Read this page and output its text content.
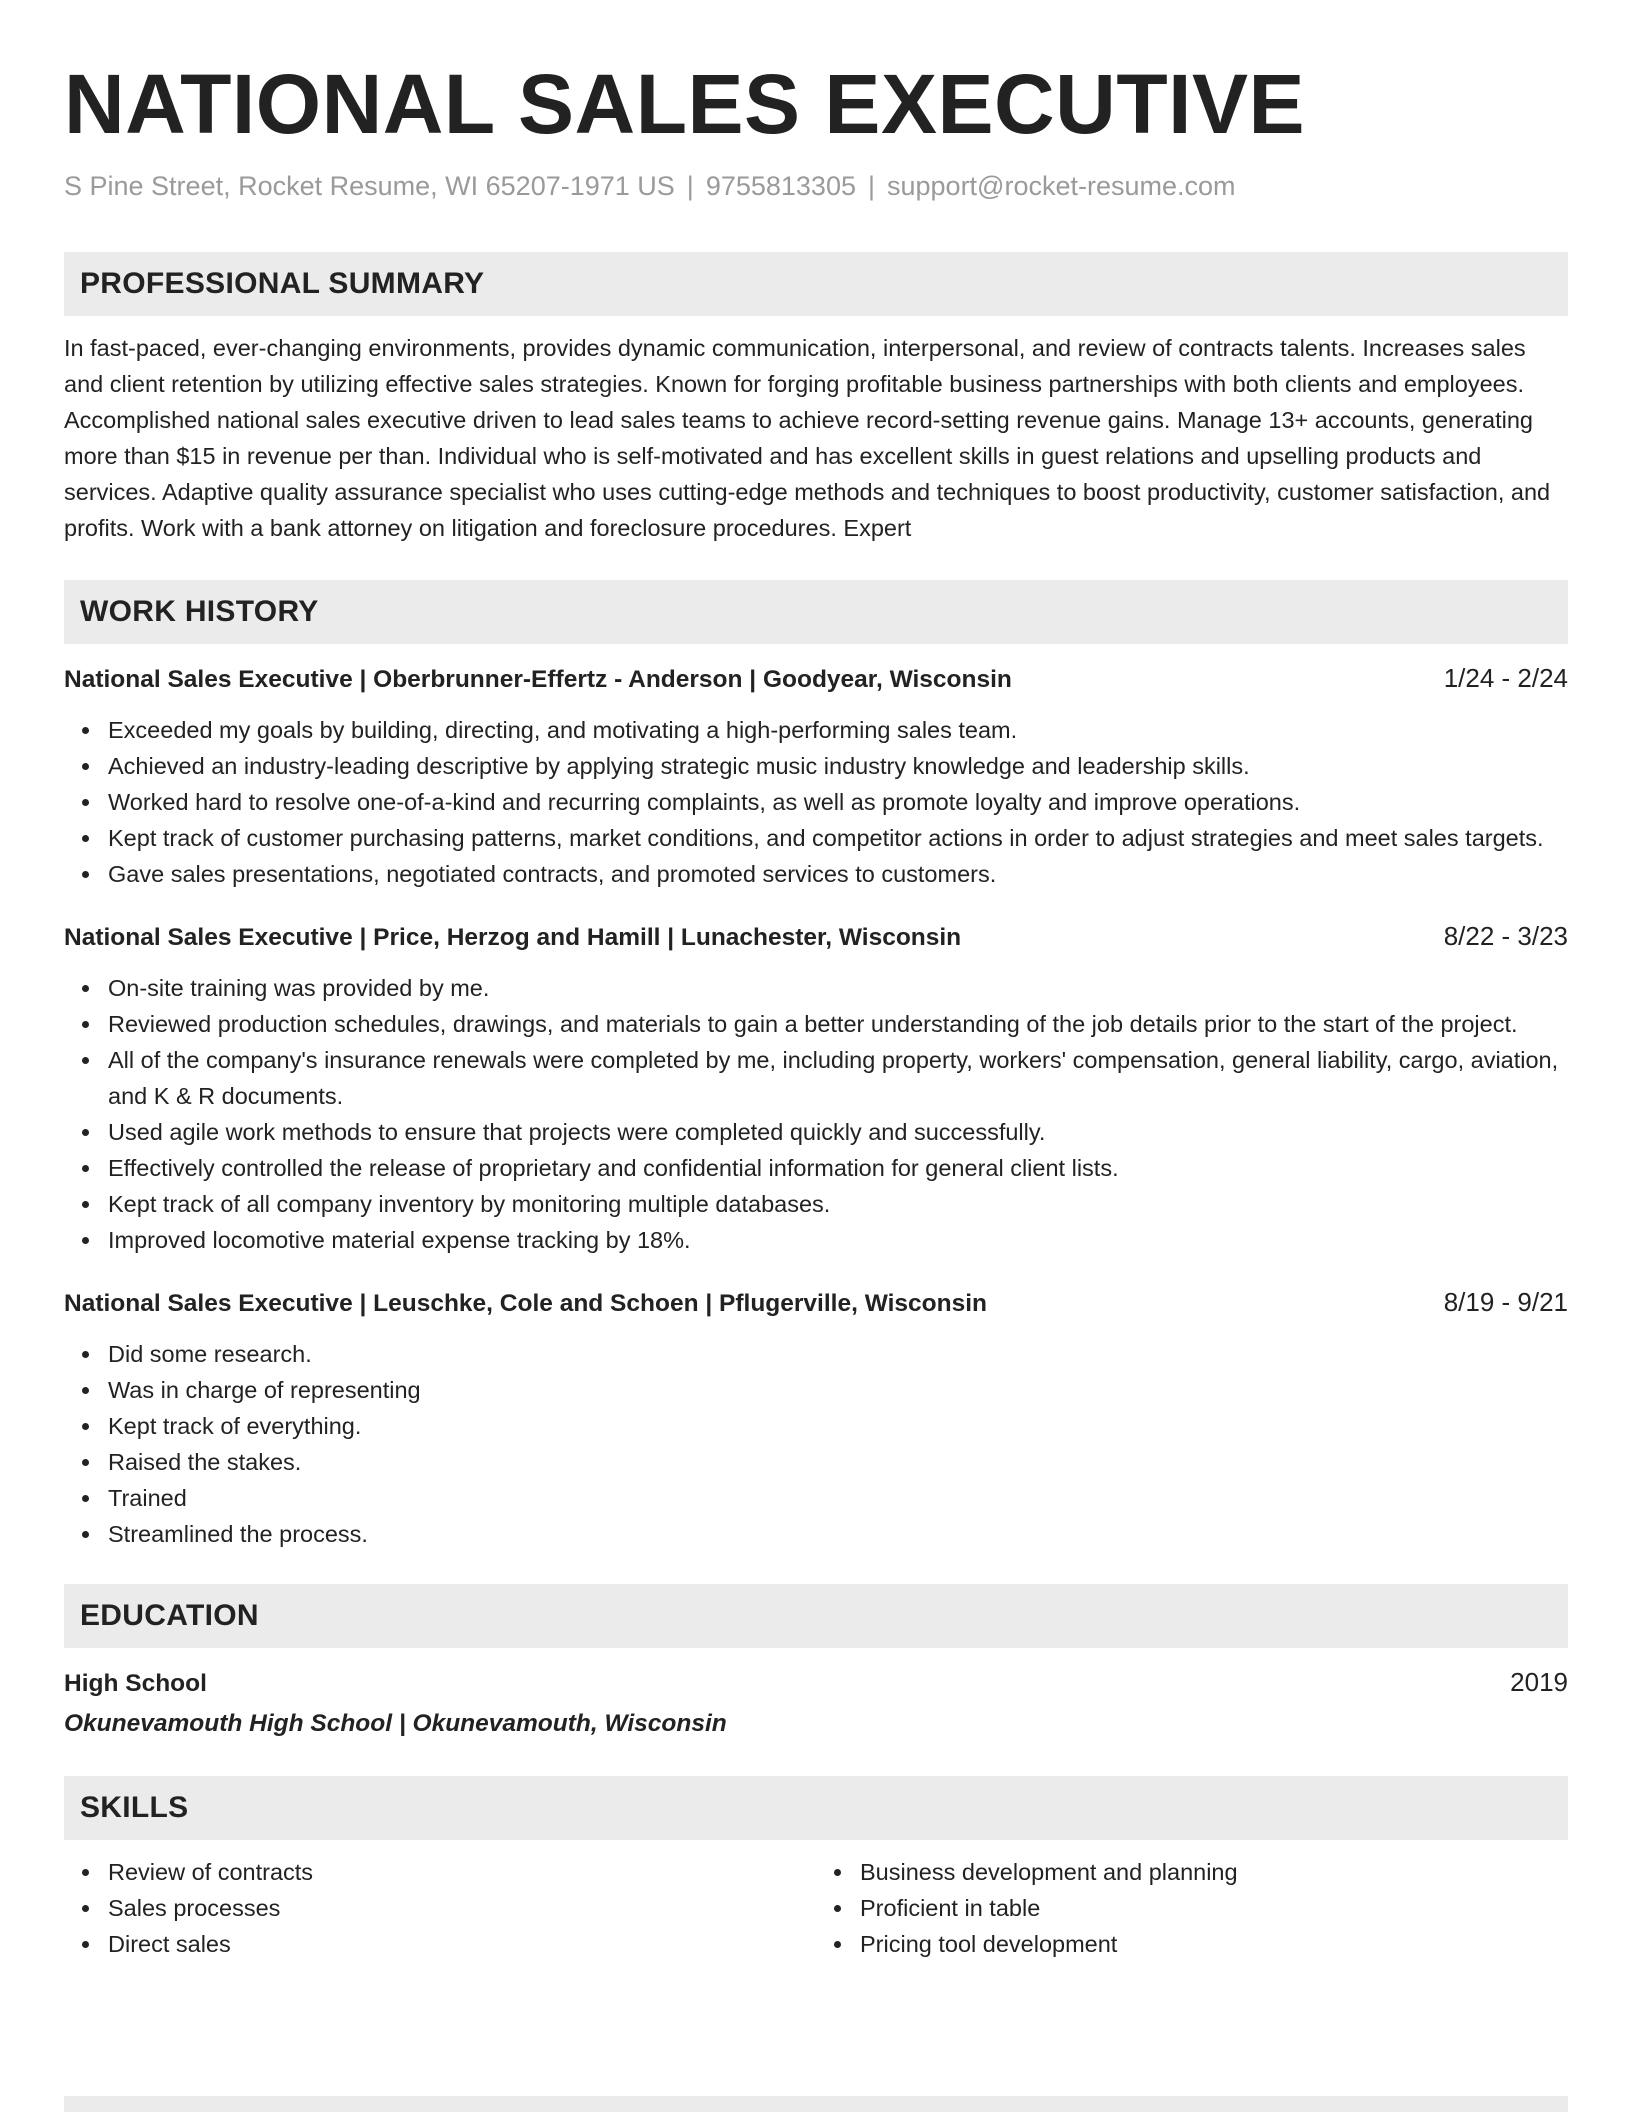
NATIONAL SALES EXECUTIVE
S Pine Street, Rocket Resume, WI 65207-1971 US | 9755813305 | support@rocket-resume.com
PROFESSIONAL SUMMARY
In fast-paced, ever-changing environments, provides dynamic communication, interpersonal, and review of contracts talents. Increases sales and client retention by utilizing effective sales strategies. Known for forging profitable business partnerships with both clients and employees. Accomplished national sales executive driven to lead sales teams to achieve record-setting revenue gains. Manage 13+ accounts, generating more than $15 in revenue per than. Individual who is self-motivated and has excellent skills in guest relations and upselling products and services. Adaptive quality assurance specialist who uses cutting-edge methods and techniques to boost productivity, customer satisfaction, and profits. Work with a bank attorney on litigation and foreclosure procedures. Expert
WORK HISTORY
National Sales Executive | Oberbrunner-Effertz - Anderson | Goodyear, Wisconsin	1/24 - 2/24
Exceeded my goals by building, directing, and motivating a high-performing sales team.
Achieved an industry-leading descriptive by applying strategic music industry knowledge and leadership skills.
Worked hard to resolve one-of-a-kind and recurring complaints, as well as promote loyalty and improve operations.
Kept track of customer purchasing patterns, market conditions, and competitor actions in order to adjust strategies and meet sales targets.
Gave sales presentations, negotiated contracts, and promoted services to customers.
National Sales Executive | Price, Herzog and Hamill | Lunachester, Wisconsin	8/22 - 3/23
On-site training was provided by me.
Reviewed production schedules, drawings, and materials to gain a better understanding of the job details prior to the start of the project.
All of the company's insurance renewals were completed by me, including property, workers' compensation, general liability, cargo, aviation, and K & R documents.
Used agile work methods to ensure that projects were completed quickly and successfully.
Effectively controlled the release of proprietary and confidential information for general client lists.
Kept track of all company inventory by monitoring multiple databases.
Improved locomotive material expense tracking by 18%.
National Sales Executive | Leuschke, Cole and Schoen | Pflugerville, Wisconsin	8/19 - 9/21
Did some research.
Was in charge of representing
Kept track of everything.
Raised the stakes.
Trained
Streamlined the process.
EDUCATION
High School	2019
Okunevamouth High School | Okunevamouth, Wisconsin
SKILLS
Review of contracts
Sales processes
Direct sales
Business development and planning
Proficient in table
Pricing tool development
